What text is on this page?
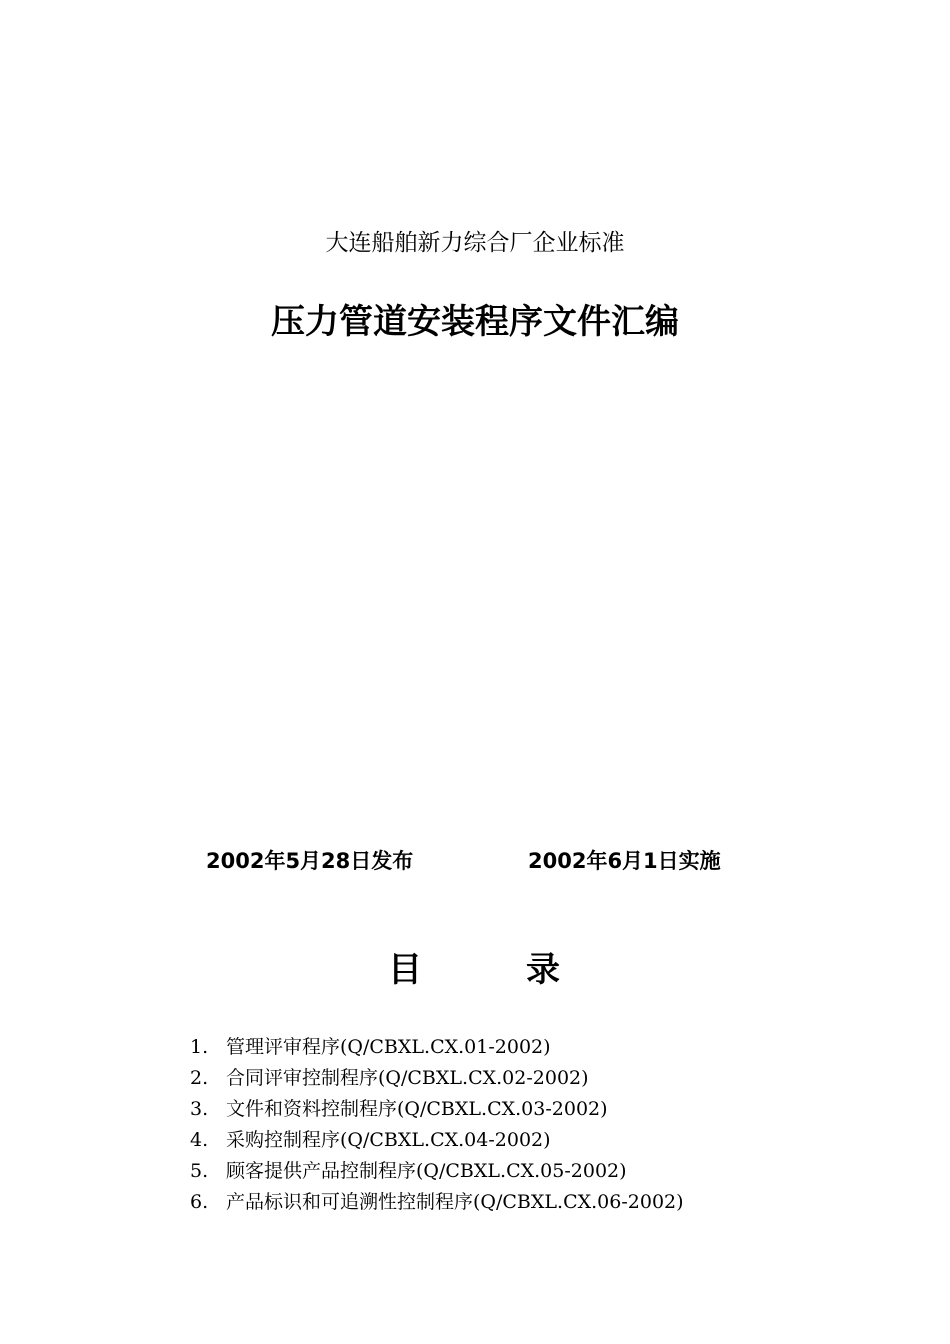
大连船舶新力综合厂企业标准
压力管道安装程序文件汇编
2002年5月28日发布	2002年6月1日实施
目	录
1. 管理评审程序(Q/CBXL.CX.01-2002)
2. 合同评审控制程序(Q/CBXL.CX.02-2002)
3. 文件和资料控制程序(Q/CBXL.CX.03-2002)
4. 采购控制程序(Q/CBXL.CX.04-2002)
5. 顾客提供产品控制程序(Q/CBXL.CX.05-2002)
6. 产品标识和可追溯性控制程序(Q/CBXL.CX.06-2002)
